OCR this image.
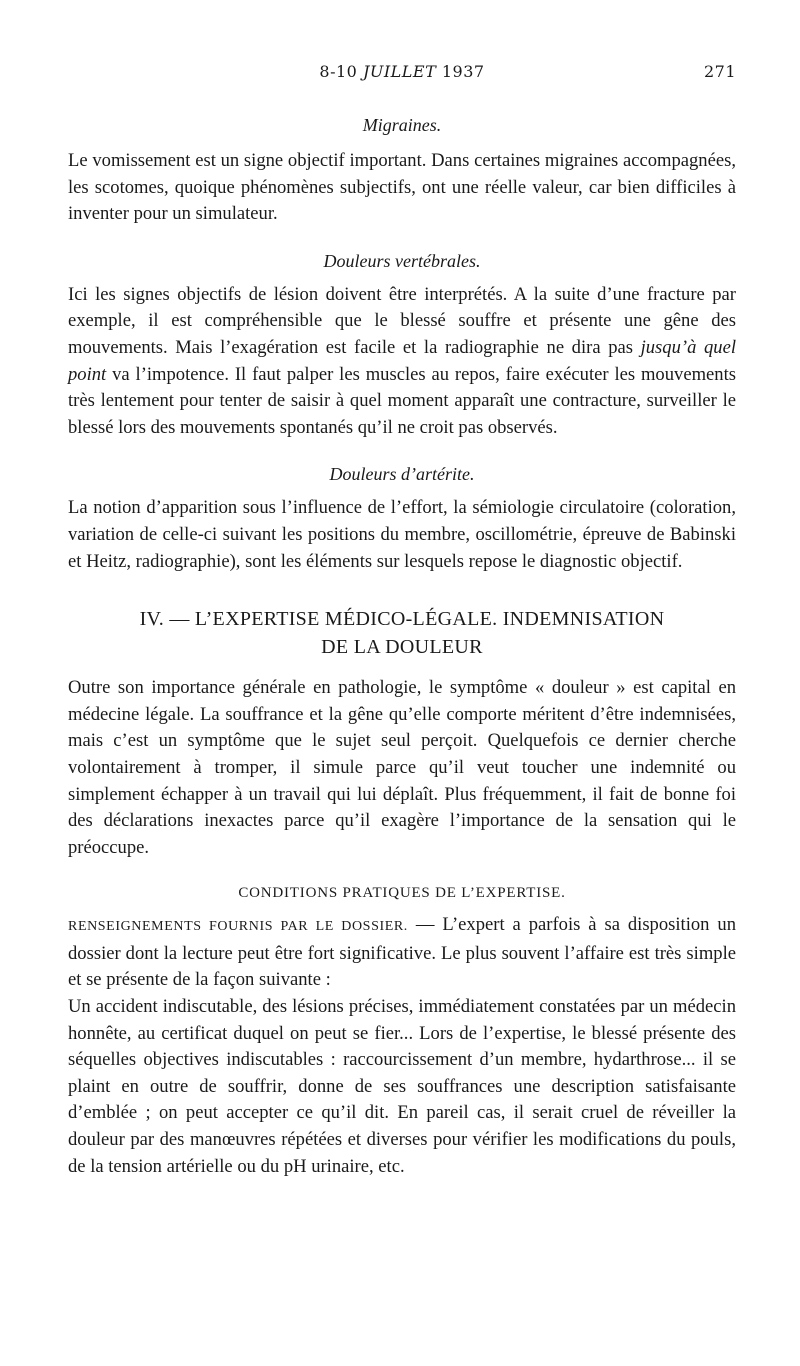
8-10 JUILLET 1937	271
Migraines.

Le vomissement est un signe objectif important. Dans certaines migraines accompagnées, les scotomes, quoique phénomènes subjectifs, ont une réelle valeur, car bien difficiles à inventer pour un simulateur.

Douleurs vertébrales.

Ici les signes objectifs de lésion doivent être interprétés. A la suite d’une fracture par exemple, il est compréhensible que le blessé souffre et présente une gêne des mouvements. Mais l’exagération est facile et la radiographie ne dira pas jusqu’à quel point va l’impotence. Il faut palper les muscles au repos, faire exécuter les mouvements très lentement pour tenter de saisir à quel moment apparaît une contracture, surveiller le blessé lors des mouvements spontanés qu’il ne croit pas observés.

Douleurs d’artérite.

La notion d’apparition sous l’influence de l’effort, la sémiologie circulatoire (coloration, variation de celle-ci suivant les positions du membre, oscillométrie, épreuve de Babinski et Heitz, radiographie), sont les éléments sur lesquels repose le diagnostic objectif.

IV. — L’EXPERTISE MÉDICO-LÉGALE. INDEMNISATION
DE LA DOULEUR

Outre son importance générale en pathologie, le symptôme « douleur » est capital en médecine légale. La souffrance et la gêne qu’elle comporte méritent d’être indemnisées, mais c’est un symptôme que le sujet seul perçoit. Quelquefois ce dernier cherche volontairement à tromper, il simule parce qu’il veut toucher une indemnité ou simplement échapper à un travail qui lui déplaît. Plus fréquemment, il fait de bonne foi des déclarations inexactes parce qu’il exagère l’importance de la sensation qui le préoccupe.

CONDITIONS PRATIQUES DE L’EXPERTISE.

RENSEIGNEMENTS FOURNIS PAR LE DOSSIER. — L’expert a parfois à sa disposition un dossier dont la lecture peut être fort significative. Le plus souvent l’affaire est très simple et se présente de la façon suivante :

Un accident indiscutable, des lésions précises, immédiatement constatées par un médecin honnête, au certificat duquel on peut se fier... Lors de l’expertise, le blessé présente des séquelles objectives indiscutables : raccourcissement d’un membre, hydarthrose... il se plaint en outre de souffrir, donne de ses souffrances une description satisfaisante d’emblée ; on peut accepter ce qu’il dit. En pareil cas, il serait cruel de réveiller la douleur par des manœuvres répétées et diverses pour vérifier les modifications du pouls, de la tension artérielle ou du pH urinaire, etc.
